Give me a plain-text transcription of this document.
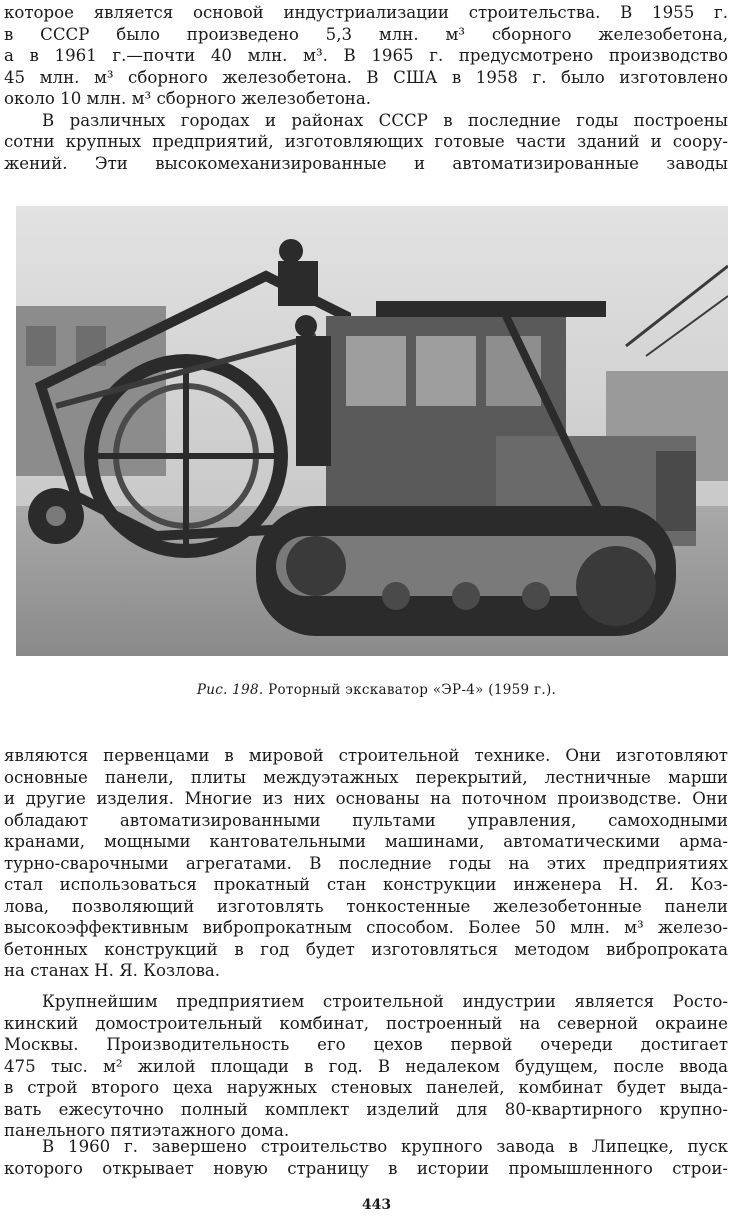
которое является основой индустриализации строительства. В 1955 г.
в СССР было произведено 5,3 млн. м³ сборного железобетона,
а в 1961 г.—почти 40 млн. м³. В 1965 г. предусмотрено производство
45 млн. м³ сборного железобетона. В США в 1958 г. было изготовлено
около 10 млн. м³ сборного железобетона.
В различных городах и районах СССР в последние годы построены
сотни крупных предприятий, изготовляющих готовые части зданий и соору-
жений. Эти высокомеханизированные и автоматизированные заводы
Рис. 198. Роторный экскаватор «ЭР-4» (1959 г.).
являются первенцами в мировой строительной технике. Они изготовляют
основные панели, плиты междуэтажных перекрытий, лестничные марши
и другие изделия. Многие из них основаны на поточном производстве. Они
обладают автоматизированными пультами управления, самоходными
кранами, мощными кантовательными машинами, автоматическими арма-
турно-сварочными агрегатами. В последние годы на этих предприятиях
стал использоваться прокатный стан конструкции инженера Н. Я. Коз-
лова, позволяющий изготовлять тонкостенные железобетонные панели
высокоэффективным вибропрокатным способом. Более 50 млн. м³ железо-
бетонных конструкций в год будет изготовляться методом вибропроката
на станах Н. Я. Козлова.
Крупнейшим предприятием строительной индустрии является Росто-
кинский домостроительный комбинат, построенный на северной окраине
Москвы. Производительность его цехов первой очереди достигает
475 тыс. м² жилой площади в год. В недалеком будущем, после ввода
в строй второго цеха наружных стеновых панелей, комбинат будет выда-
вать ежесуточно полный комплект изделий для 80-квартирного крупно-
панельного пятиэтажного дома.
В 1960 г. завершено строительство крупного завода в Липецке, пуск
которого открывает новую страницу в истории промышленного строи-
443
